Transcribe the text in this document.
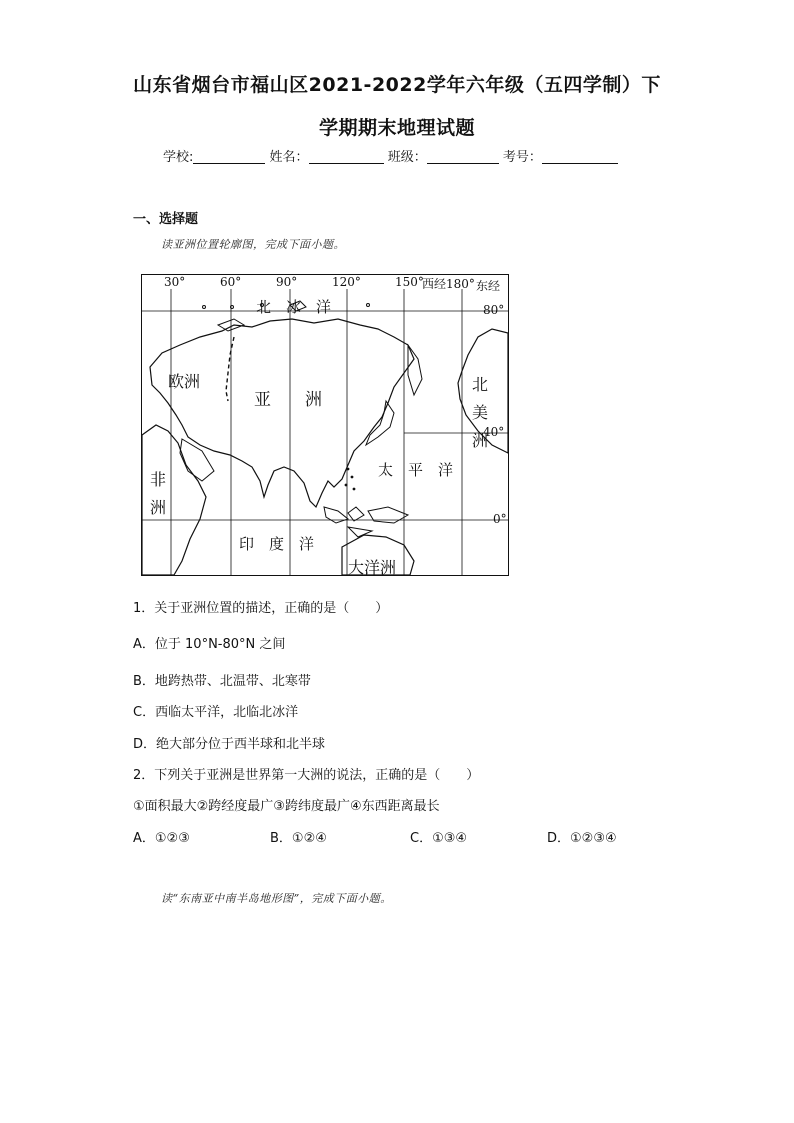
山东省烟台市福山区2021-2022学年六年级（五四学制）下
学期期末地理试题
学校:	姓名：	班级：	考号：
一、选择题
读亚洲位置轮廓图，完成下面小题。
30°	60°	90°	120°	150°
西经180° 东经
80°
40°
0°
北　冰　洋
欧洲
亚　　洲
北
美
洲
非
洲
太　平　洋
印　度　洋
大洋洲
1．关于亚洲位置的描述，正确的是（　　）
A．位于 10°N-80°N 之间
B．地跨热带、北温带、北寒带
C．西临太平洋，北临北冰洋
D．绝大部分位于西半球和北半球
2．下列关于亚洲是世界第一大洲的说法，正确的是（　　）
①面积最大②跨经度最广③跨纬度最广④东西距离最长
A．①②③	B．①②④	C．①③④	D．①②③④
读“东南亚中南半岛地形图”，完成下面小题。
